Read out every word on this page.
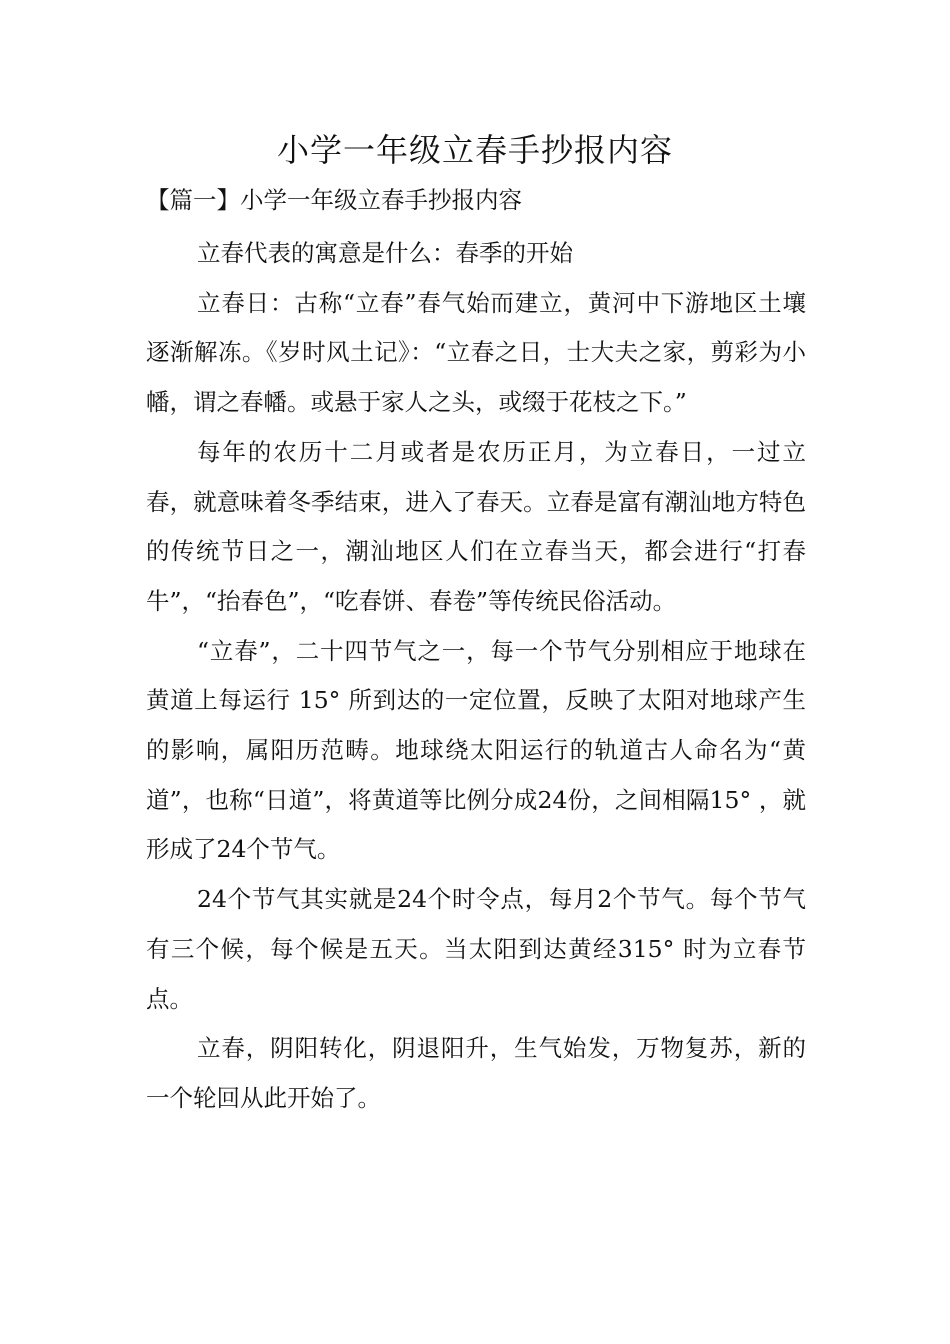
小学一年级立春手抄报内容

【篇一】小学一年级立春手抄报内容

立春代表的寓意是什么：春季的开始

立春日：古称“立春”春气始而建立，黄河中下游地区土壤逐渐解冻。《岁时风土记》：“立春之日，士大夫之家，剪彩为小幡，谓之春幡。或悬于家人之头，或缀于花枝之下。”

每年的农历十二月或者是农历正月，为立春日，一过立春，就意味着冬季结束，进入了春天。立春是富有潮汕地方特色的传统节日之一，潮汕地区人们在立春当天，都会进行“打春牛”，“抬春色”，“吃春饼、春卷”等传统民俗活动。

“立春”，二十四节气之一，每一个节气分别相应于地球在黄道上每运行 15° 所到达的一定位置，反映了太阳对地球产生的影响，属阳历范畴。地球绕太阳运行的轨道古人命名为“黄道”，也称“日道”，将黄道等比例分成24份，之间相隔15° ，就形成了24个节气。

24个节气其实就是24个时令点，每月2个节气。每个节气有三个候，每个候是五天。当太阳到达黄经315° 时为立春节点。

立春，阴阳转化，阴退阳升，生气始发，万物复苏，新的一个轮回从此开始了。
